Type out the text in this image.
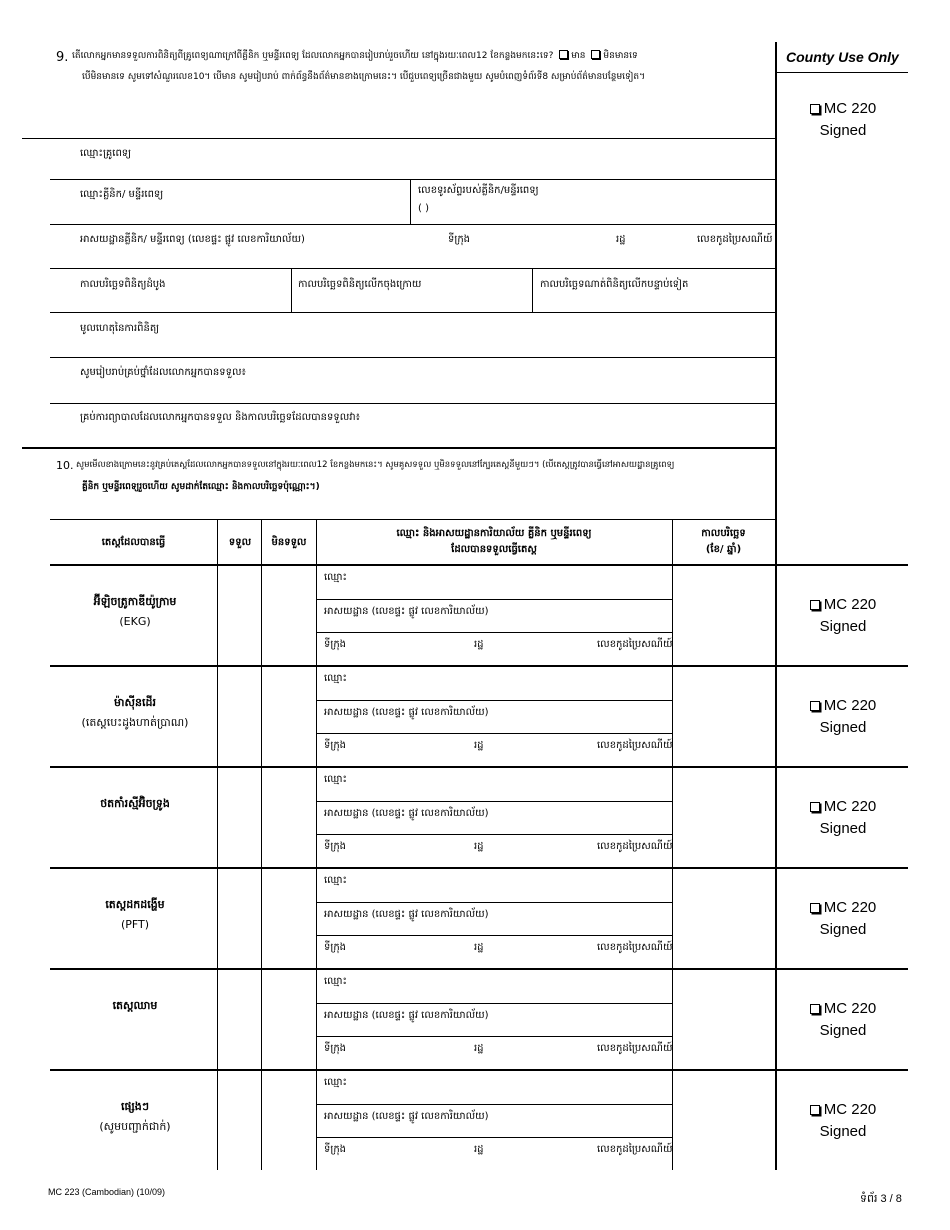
9. តើលោកអ្នកមានទទួលការពិនិត្យពីគ្រូពេទ្យណាក្រៅពីគ្លីនិក ឬមន្ទីរពេទ្យ ដែលលោកអ្នកបានរៀបរាប់រួចហើយ នៅក្នុងរយៈពេល12 ខែកន្លងមកនេះទេ? មាន មិនមានទេ
បើមិនមានទេ សូមទៅសំណួរលេខ10។ បើមាន សូមរៀបរាប់ ពាក់ព័ន្ធនឹងព័ត៌មានខាងក្រោមនេះ។ បើជួបពេទ្យច្រើនជាងមួយ សូមបំពេញទំព័រទី8 សម្រាប់ព័ត៌មានបន្ថែមទៀត។
ឈ្មោះគ្រូពេទ្យ
ឈ្មោះគ្លីនិក/ មន្ទីរពេទ្យ	លេខទូរស័ព្ទរបស់គ្លីនិក/មន្ទីរពេទ្យ
( )
អាសយដ្ឋានគ្លីនិក/ មន្ទីរពេទ្យ (លេខផ្ទះ ផ្លូវ លេខការិយាល័យ)	ទីក្រុង	រដ្ឋ	លេខកូដប្រៃសណីយ៍
កាលបរិច្ឆេទពិនិត្យដំបូង	កាលបរិច្ឆេទពិនិត្យលើកចុងក្រោយ	កាលបរិច្ឆេទណាត់ពិនិត្យលើកបន្ទាប់ទៀត
មូលហេតុនៃការពិនិត្យ
សូមរៀបរាប់គ្រប់ថ្នាំដែលលោកអ្នកបានទទួល៖
គ្រប់ការព្យាបាលដែលលោកអ្នកបានទទួល និងកាលបរិច្ឆេទដែលបានទទួលវា៖
10. សូមមើលខាងក្រោមនេះនូវគ្រប់តេស្តដែលលោកអ្នកបានទទួលនៅក្នុងរយៈពេល12 ខែកន្លងមកនេះ។ សូមគូសទទួល ឬមិនទទួលនៅក្បែរតេស្តនីមួយៗ។ (បើតេស្តត្រូវបានធ្វើនៅអាសយដ្ឋានគ្រូពេទ្យ
គ្លីនិក ឬមន្ទីរពេទ្យរួចហើយ សូមដាក់តែឈ្មោះ និងកាលបរិច្ឆេទប៉ុណ្ណោះ។)
តេស្តដែលបានធ្វើ	ទទួល	មិនទទួល
ឈ្មោះ និងអាសយដ្ឋានការិយាល័យ គ្លីនិក ឬមន្ទីរពេទ្យ
ដែលបានទទួលធ្វើតេស្ត
កាលបរិច្ឆេទ
(ខែ/ ឆ្នាំ)
អ៊ីឡិចត្រូកាឌីយ៉ូក្រាម
(EKG)
ឈ្មោះ
អាសយដ្ឋាន (លេខផ្ទះ ផ្លូវ លេខការិយាល័យ)
ទីក្រុង	រដ្ឋ	លេខកូដប្រៃសណីយ៍
MC 220
Signed
ម៉ាស៊ីនដើរ
(តេស្តបេះដូងហាត់ប្រាណ)
ឈ្មោះ
អាសយដ្ឋាន (លេខផ្ទះ ផ្លូវ លេខការិយាល័យ)
ទីក្រុង	រដ្ឋ	លេខកូដប្រៃសណីយ៍
MC 220
Signed
ថតកាំរស្មីអ៊ិចទ្រូង
ឈ្មោះ
អាសយដ្ឋាន (លេខផ្ទះ ផ្លូវ លេខការិយាល័យ)
ទីក្រុង	រដ្ឋ	លេខកូដប្រៃសណីយ៍
MC 220
Signed
តេស្តដកដង្ហើម
(PFT)
ឈ្មោះ
អាសយដ្ឋាន (លេខផ្ទះ ផ្លូវ លេខការិយាល័យ)
ទីក្រុង	រដ្ឋ	លេខកូដប្រៃសណីយ៍
MC 220
Signed
តេស្តឈាម
ឈ្មោះ
អាសយដ្ឋាន (លេខផ្ទះ ផ្លូវ លេខការិយាល័យ)
ទីក្រុង	រដ្ឋ	លេខកូដប្រៃសណីយ៍
MC 220
Signed
ផ្សេងៗ
(សូមបញ្ជាក់ជាក់)
ឈ្មោះ
អាសយដ្ឋាន (លេខផ្ទះ ផ្លូវ លេខការិយាល័យ)
ទីក្រុង	រដ្ឋ	លេខកូដប្រៃសណីយ៍
MC 220
Signed
County Use Only
MC 220
Signed
MC 223 (Cambodian) (10/09)
ទំព័រ 3 / 8
